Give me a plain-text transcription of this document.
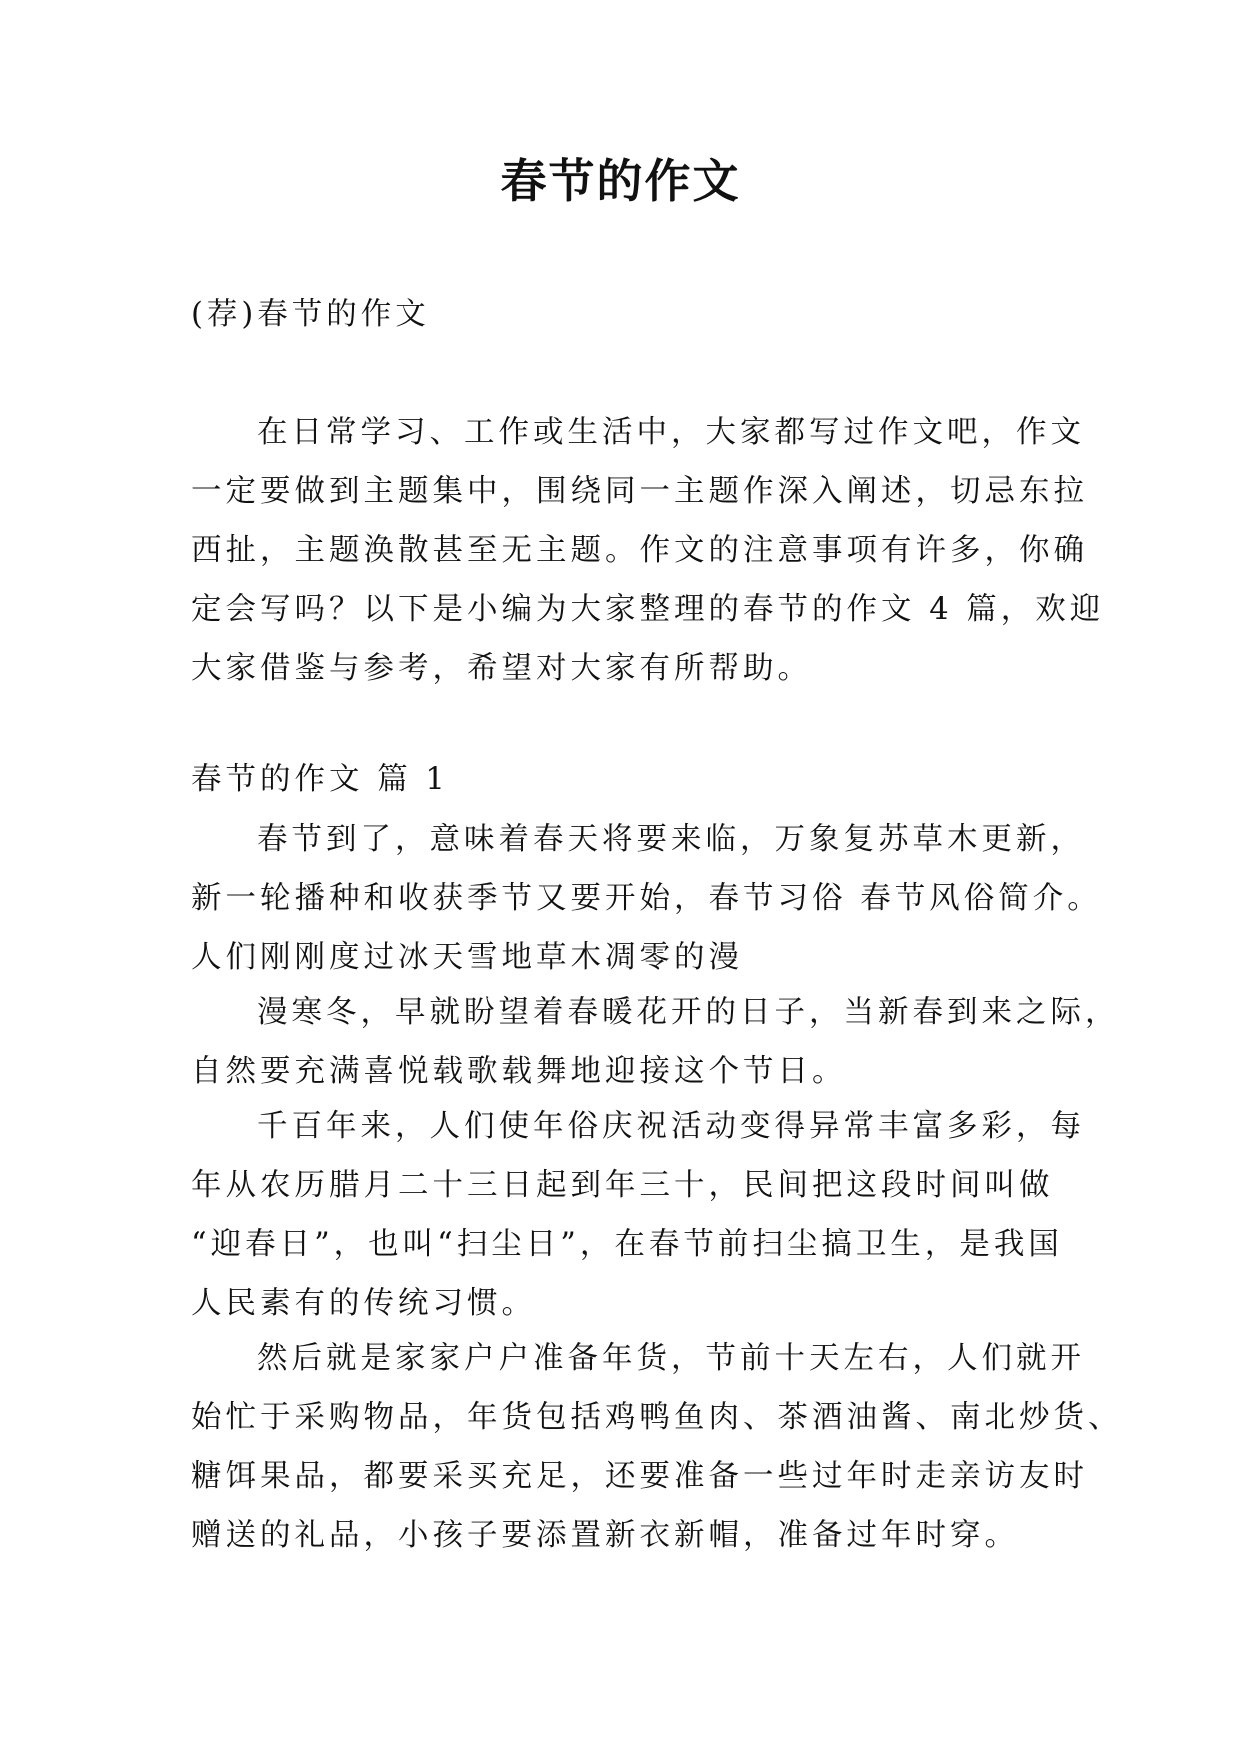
春节的作文
(荐)春节的作文
在日常学习、工作或生活中，大家都写过作文吧，作文
一定要做到主题集中，围绕同一主题作深入阐述，切忌东拉
西扯，主题涣散甚至无主题。作文的注意事项有许多，你确
定会写吗？以下是小编为大家整理的春节的作文 4 篇，欢迎
大家借鉴与参考，希望对大家有所帮助。
春节的作文 篇 1
春节到了，意味着春天将要来临，万象复苏草木更新，
新一轮播种和收获季节又要开始，春节习俗 春节风俗简介。
人们刚刚度过冰天雪地草木凋零的漫
漫寒冬，早就盼望着春暖花开的日子，当新春到来之际，
自然要充满喜悦载歌载舞地迎接这个节日。
千百年来，人们使年俗庆祝活动变得异常丰富多彩，每
年从农历腊月二十三日起到年三十，民间把这段时间叫做
“迎春日”，也叫“扫尘日”，在春节前扫尘搞卫生，是我国
人民素有的传统习惯。
然后就是家家户户准备年货，节前十天左右，人们就开
始忙于采购物品，年货包括鸡鸭鱼肉、茶酒油酱、南北炒货、
糖饵果品，都要采买充足，还要准备一些过年时走亲访友时
赠送的礼品，小孩子要添置新衣新帽，准备过年时穿。
